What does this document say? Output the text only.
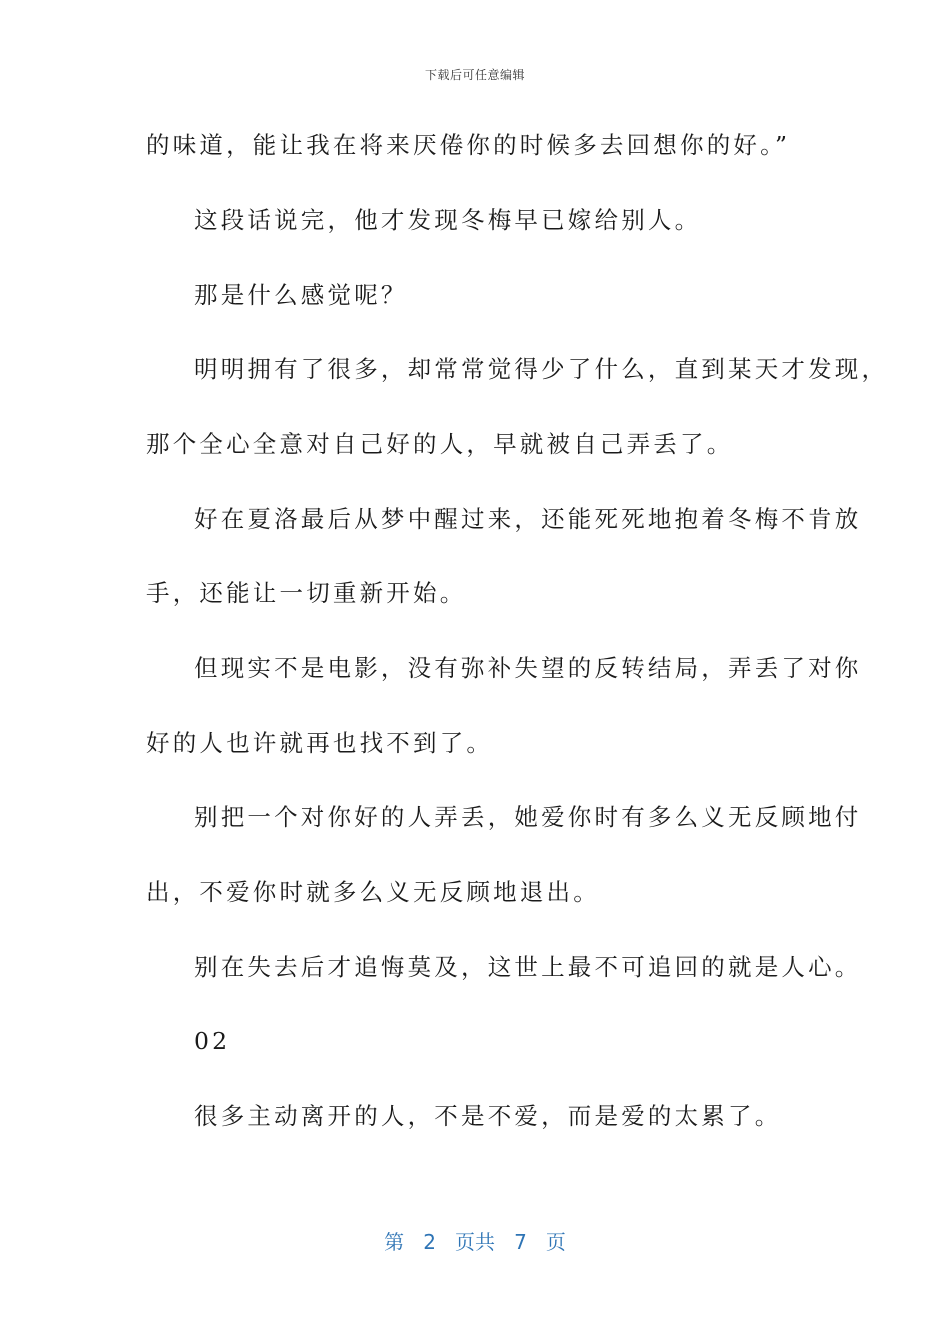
下载后可任意编辑

的味道，能让我在将来厌倦你的时候多去回想你的好。”

这段话说完，他才发现冬梅早已嫁给别人。

那是什么感觉呢？

明明拥有了很多，却常常觉得少了什么，直到某天才发现，

那个全心全意对自己好的人，早就被自己弄丢了。

好在夏洛最后从梦中醒过来，还能死死地抱着冬梅不肯放

手，还能让一切重新开始。

但现实不是电影，没有弥补失望的反转结局，弄丢了对你

好的人也许就再也找不到了。

别把一个对你好的人弄丢，她爱你时有多么义无反顾地付

出，不爱你时就多么义无反顾地退出。

别在失去后才追悔莫及，这世上最不可追回的就是人心。

02

很多主动离开的人，不是不爱，而是爱的太累了。

第 2 页共 7 页
